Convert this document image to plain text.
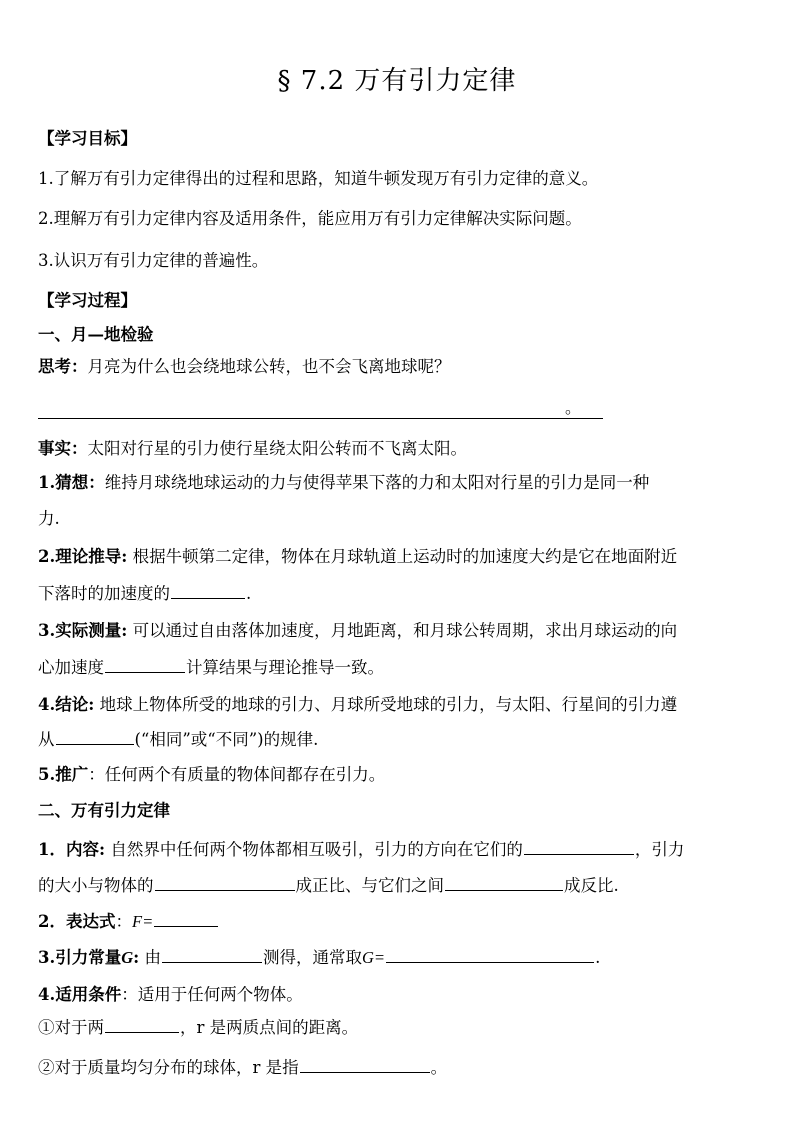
§ 7.2 万有引力定律
【学习目标】
1.了解万有引力定律得出的过程和思路，知道牛顿发现万有引力定律的意义。
2.理解万有引力定律内容及适用条件，能应用万有引力定律解决实际问题。
3.认识万有引力定律的普遍性。
【学习过程】
一、月—地检验
思考：月亮为什么也会绕地球公转，也不会飞离地球呢？
。
事实：太阳对行星的引力使行星绕太阳公转而不飞离太阳。
1.猜想：维持月球绕地球运动的力与使得苹果下落的力和太阳对行星的引力是同一种
力.
2.理论推导: 根据牛顿第二定律，物体在月球轨道上运动时的加速度大约是它在地面附近
下落时的加速度的	.
3.实际测量: 可以通过自由落体加速度，月地距离，和月球公转周期，求出月球运动的向
心加速度	计算结果与理论推导一致。
4.结论: 地球上物体所受的地球的引力、月球所受地球的引力，与太阳、行星间的引力遵
从	(“相同”或“不同”)的规律.
5.推广：任何两个有质量的物体间都存在引力。
二、万有引力定律
1．内容: 自然界中任何两个物体都相互吸引，引力的方向在它们的	，引力
的大小与物体的	成正比、与它们之间	成反比.
2．表达式：F=
3.引力常量G: 由	测得，通常取G=	.
4.适用条件：适用于任何两个物体。
①对于两	，r 是两质点间的距离。
②对于质量均匀分布的球体，r 是指	。
